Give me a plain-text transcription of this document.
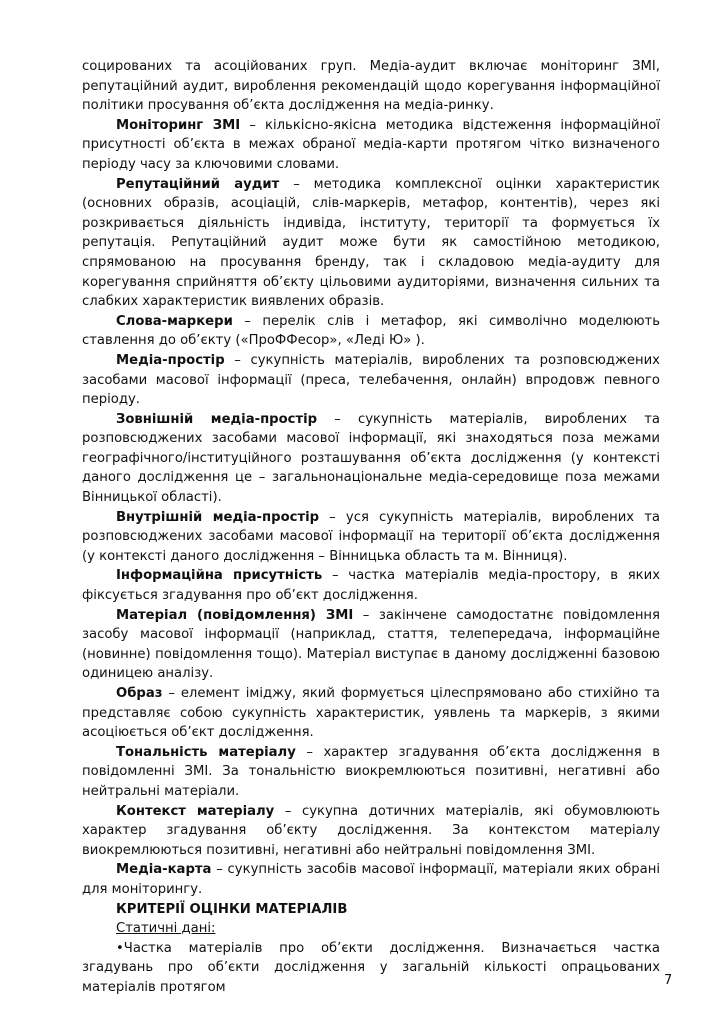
соцированих та асоційованих груп. Медіа-аудит включає моніторинг ЗМІ, репутаційний аудит, вироблення рекомендацій щодо корегування інформаційної політики просування об’єкта дослідження на медіа-ринку.

Моніторинг ЗМІ – кількісно-якісна методика відстеження інформаційної присутності об’єкта в межах обраної медіа-карти протягом чітко визначеного періоду часу за ключовими словами.

Репутаційний аудит – методика комплексної оцінки характеристик (основних образів, асоціацій, слів-маркерів, метафор, контентів), через які розкривається діяльність індивіда, інституту, території та формується їх репутація. Репутаційний аудит може бути як самостійною методикою, спрямованою на просування бренду, так і складовою медіа-аудиту для корегування сприйняття об’єкту цільовими аудиторіями, визначення сильних та слабких характеристик виявлених образів.

Слова-маркери – перелік слів і метафор, які символічно моделюють ставлення до об’єкту («ПроФФесор», «Леді Ю» ).

Медіа-простір – сукупність матеріалів, вироблених та розповсюджених засобами масової інформації (преса, телебачення, онлайн) впродовж певного періоду.

Зовнішній медіа-простір – сукупність матеріалів, вироблених та розповсюджених засобами масової інформації, які знаходяться поза межами географічного/інституційного розташування об’єкта дослідження (у контексті даного дослідження це – загальнонаціональне медіа-середовище поза межами Вінницької області).

Внутрішній медіа-простір – уся сукупність матеріалів, вироблених та розповсюджених засобами масової інформації на території об’єкта дослідження (у контексті даного дослідження – Вінницька область та м. Вінниця).

Інформаційна присутність – частка матеріалів медіа-простору, в яких фіксується згадування про об’єкт дослідження.

Матеріал (повідомлення) ЗМІ – закінчене самодостатнє повідомлення засобу масової інформації (наприклад, стаття, телепередача, інформаційне (новинне) повідомлення тощо). Матеріал виступає в даному дослідженні базовою одиницею аналізу.

Образ – елемент іміджу, який формується цілеспрямовано або стихійно та представляє собою сукупність характеристик, уявлень та маркерів, з якими асоціюється об’єкт дослідження.

Тональність матеріалу – характер згадування об’єкта дослідження в повідомленні ЗМІ. За тональністю виокремлюються позитивні, негативні або нейтральні матеріали.

Контекст матеріалу – сукупна дотичних матеріалів, які обумовлюють характер згадування об’єкту дослідження. За контекстом матеріалу виокремлюються позитивні, негативні або нейтральні повідомлення ЗМІ.

Медіа-карта – сукупність засобів масової інформації, матеріали яких обрані для моніторингу.

КРИТЕРІЇ ОЦІНКИ МАТЕРІАЛІВ

Статичні дані:

•Частка матеріалів про об’єкти дослідження. Визначається частка згадувань про об’єкти дослідження у загальній кількості опрацьованих матеріалів протягом	7
